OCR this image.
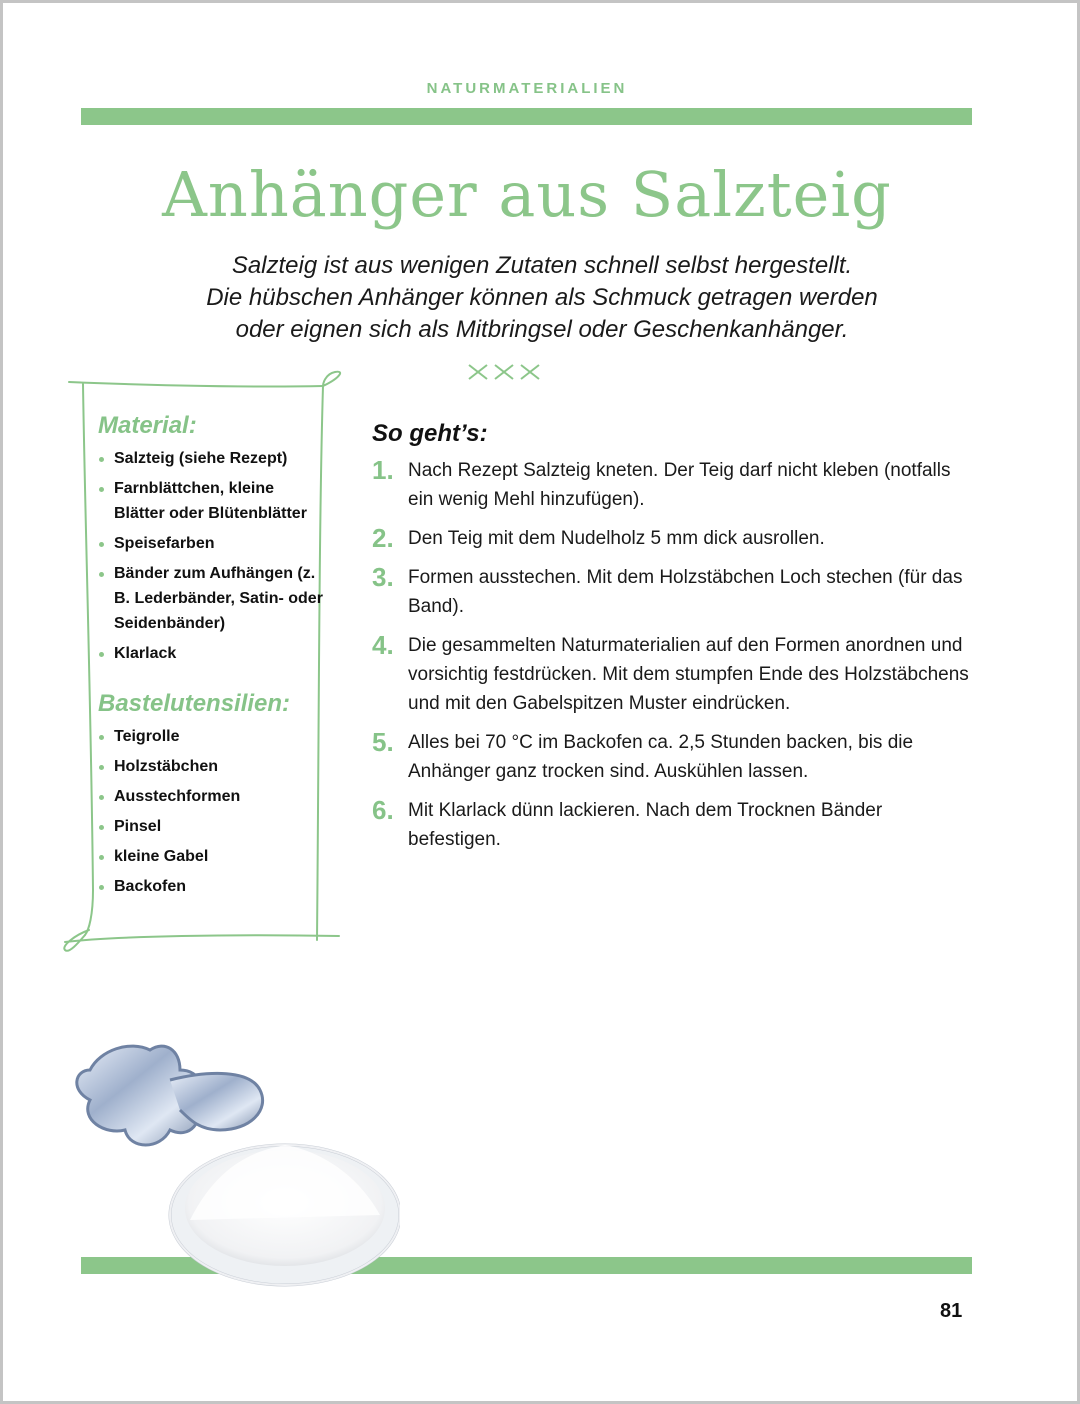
NATURMATERIALIEN
Anhänger aus Salzteig
Salzteig ist aus wenigen Zutaten schnell selbst hergestellt.
Die hübschen Anhänger können als Schmuck getragen werden
oder eignen sich als Mitbringsel oder Geschenkanhänger.
Material:
Salzteig (siehe Rezept)
Farnblättchen, kleine Blätter oder Blütenblätter
Speisefarben
Bänder zum Aufhängen (z. B. Lederbänder, Satin- oder Seidenbänder)
Klarlack
Bastelutensilien:
Teigrolle
Holzstäbchen
Ausstechformen
Pinsel
kleine Gabel
Backofen
So geht’s:
1. Nach Rezept Salzteig kneten. Der Teig darf nicht kleben (notfalls ein wenig Mehl hinzufügen).
2. Den Teig mit dem Nudelholz 5 mm dick ausrollen.
3. Formen ausstechen. Mit dem Holzstäbchen Loch stechen (für das Band).
4. Die gesammelten Naturmaterialien auf den Formen anordnen und vorsichtig festdrücken. Mit dem stumpfen Ende des Holzstäbchens und mit den Gabelspitzen Muster eindrücken.
5. Alles bei 70 °C im Backofen ca. 2,5 Stunden backen, bis die Anhänger ganz trocken sind. Auskühlen lassen.
6. Mit Klarlack dünn lackieren. Nach dem Trocknen Bänder befestigen.
81
